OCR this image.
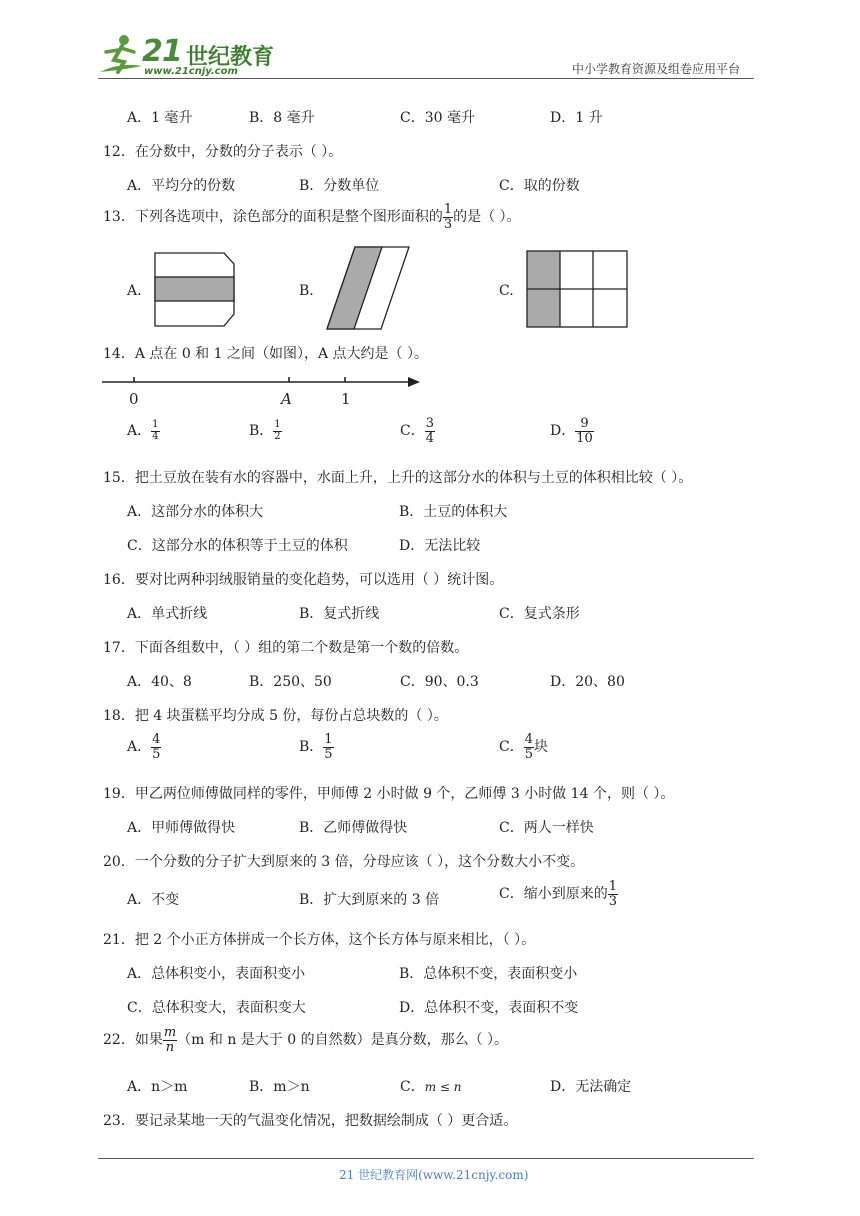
21 世纪教育
www.21cnjy.com	中小学教育资源及组卷应用平台
A．1 毫升	B．8 毫升	C．30 毫升	D．1 升
12．在分数中，分数的分子表示（ ）。
A．平均分的份数	B．分数单位	C．取的份数
13．下列各选项中，涂色部分的面积是整个图形面积的 $\frac{1}{3}$ 的是（ ）。
A.	B.	C.
14．A 点在 0 和 1 之间（如图），A 点大约是（ ）。
0	A	1
A． $\frac{1}{4}$	B． $\frac{1}{2}$	C． $\frac{3}{4}$	D． $\frac{9}{10}$
15．把土豆放在装有水的容器中，水面上升，上升的这部分水的体积与土豆的体积相比较（ ）。
A．这部分水的体积大	B．土豆的体积大
C．这部分水的体积等于土豆的体积	D．无法比较
16．要对比两种羽绒服销量的变化趋势，可以选用（ ）统计图。
A．单式折线	B．复式折线	C．复式条形
17．下面各组数中，（ ）组的第二个数是第一个数的倍数。
A．40、8	B．250、50	C．90、0.3	D．20、80
18．把 4 块蛋糕平均分成 5 份，每份占总块数的（ ）。
A． $\frac{4}{5}$	B． $\frac{1}{5}$	C． $\frac{4}{5}$ 块
19．甲乙两位师傅做同样的零件，甲师傅 2 小时做 9 个，乙师傅 3 小时做 14 个，则（ ）。
A．甲师傅做得快	B．乙师傅做得快	C．两人一样快
20．一个分数的分子扩大到原来的 3 倍，分母应该（ ），这个分数大小不变。
A．不变	B．扩大到原来的 3 倍	C．缩小到原来的 $\frac{1}{3}$
21．把 2 个小正方体拼成一个长方体，这个长方体与原来相比，（ ）。
A．总体积变小，表面积变小	B．总体积不变，表面积变小
C．总体积变大，表面积变大	D．总体积不变，表面积不变
22．如果 $\frac{m}{n} (m$ 和 n 是大于 0 的自然数）是真分数，那么（ ）。
A．n＞m	B．m＞n	C．m ≤ n	D．无法确定
23．要记录某地一天的气温变化情况，把数据绘制成（ ）更合适。
21 世纪教育网(www.21cnjy.com)
